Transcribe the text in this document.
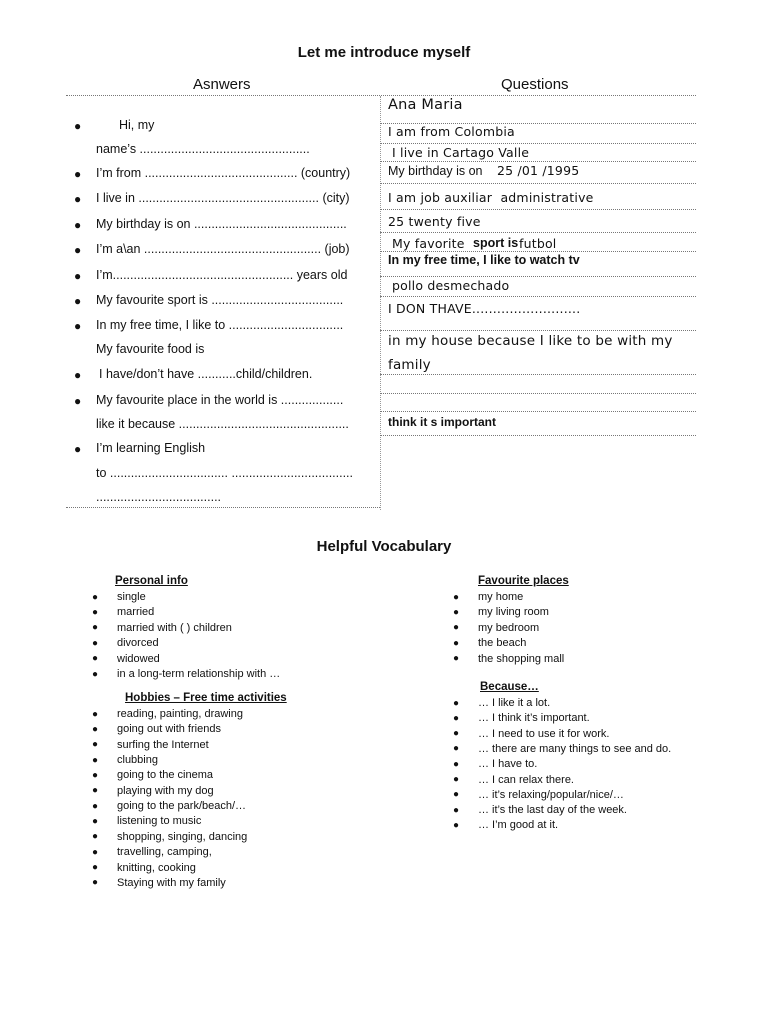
Let me introduce myself
Asnwers	Questions
●	Hi, my
name’s .................................................
● I’m from ............................................ (country)
● I live in .................................................... (city)
● My birthday is on ............................................
● I’m a\an ................................................... (job)
● I’m.................................................... years old
● My favourite sport is ......................................
● In my free time, I like to .................................
My favourite food is
● I have/don’t have ...........child/children.
● My favourite place in the world is ..................
like it because .................................................
● I’m learning English
to .................................. ...................................
....................................
Ana Maria
I am from Colombia
I live in Cartago Valle
My birthday is on 25 /01 /1995
I am job auxiliar  administrative
25 twenty five
My favorite sport is futbol
In my free time, I like to watch tv
pollo desmechado
I DON THAVE..........................
in my house because I like to be with my
family
think it s important
Helpful Vocabulary
Personal info
● single
● married
● married with ( ) children
● divorced
● widowed
● in a long-term relationship with …
Hobbies – Free time activities
● reading, painting, drawing
● going out with friends
● surfing the Internet
● clubbing
● going to the cinema
● playing with my dog
● going to the park/beach/…
● listening to music
● shopping, singing, dancing
● travelling, camping,
● knitting, cooking
● Staying with my family
Favourite places
● my home
● my living room
● my bedroom
● the beach
● the shopping mall
Because…
● … I like it a lot.
● … I think it’s important.
● … I need to use it for work.
● … there are many things to see and do.
● … I have to.
● … I can relax there.
● … it’s relaxing/popular/nice/…
● … it’s the last day of the week.
● … I’m good at it.
